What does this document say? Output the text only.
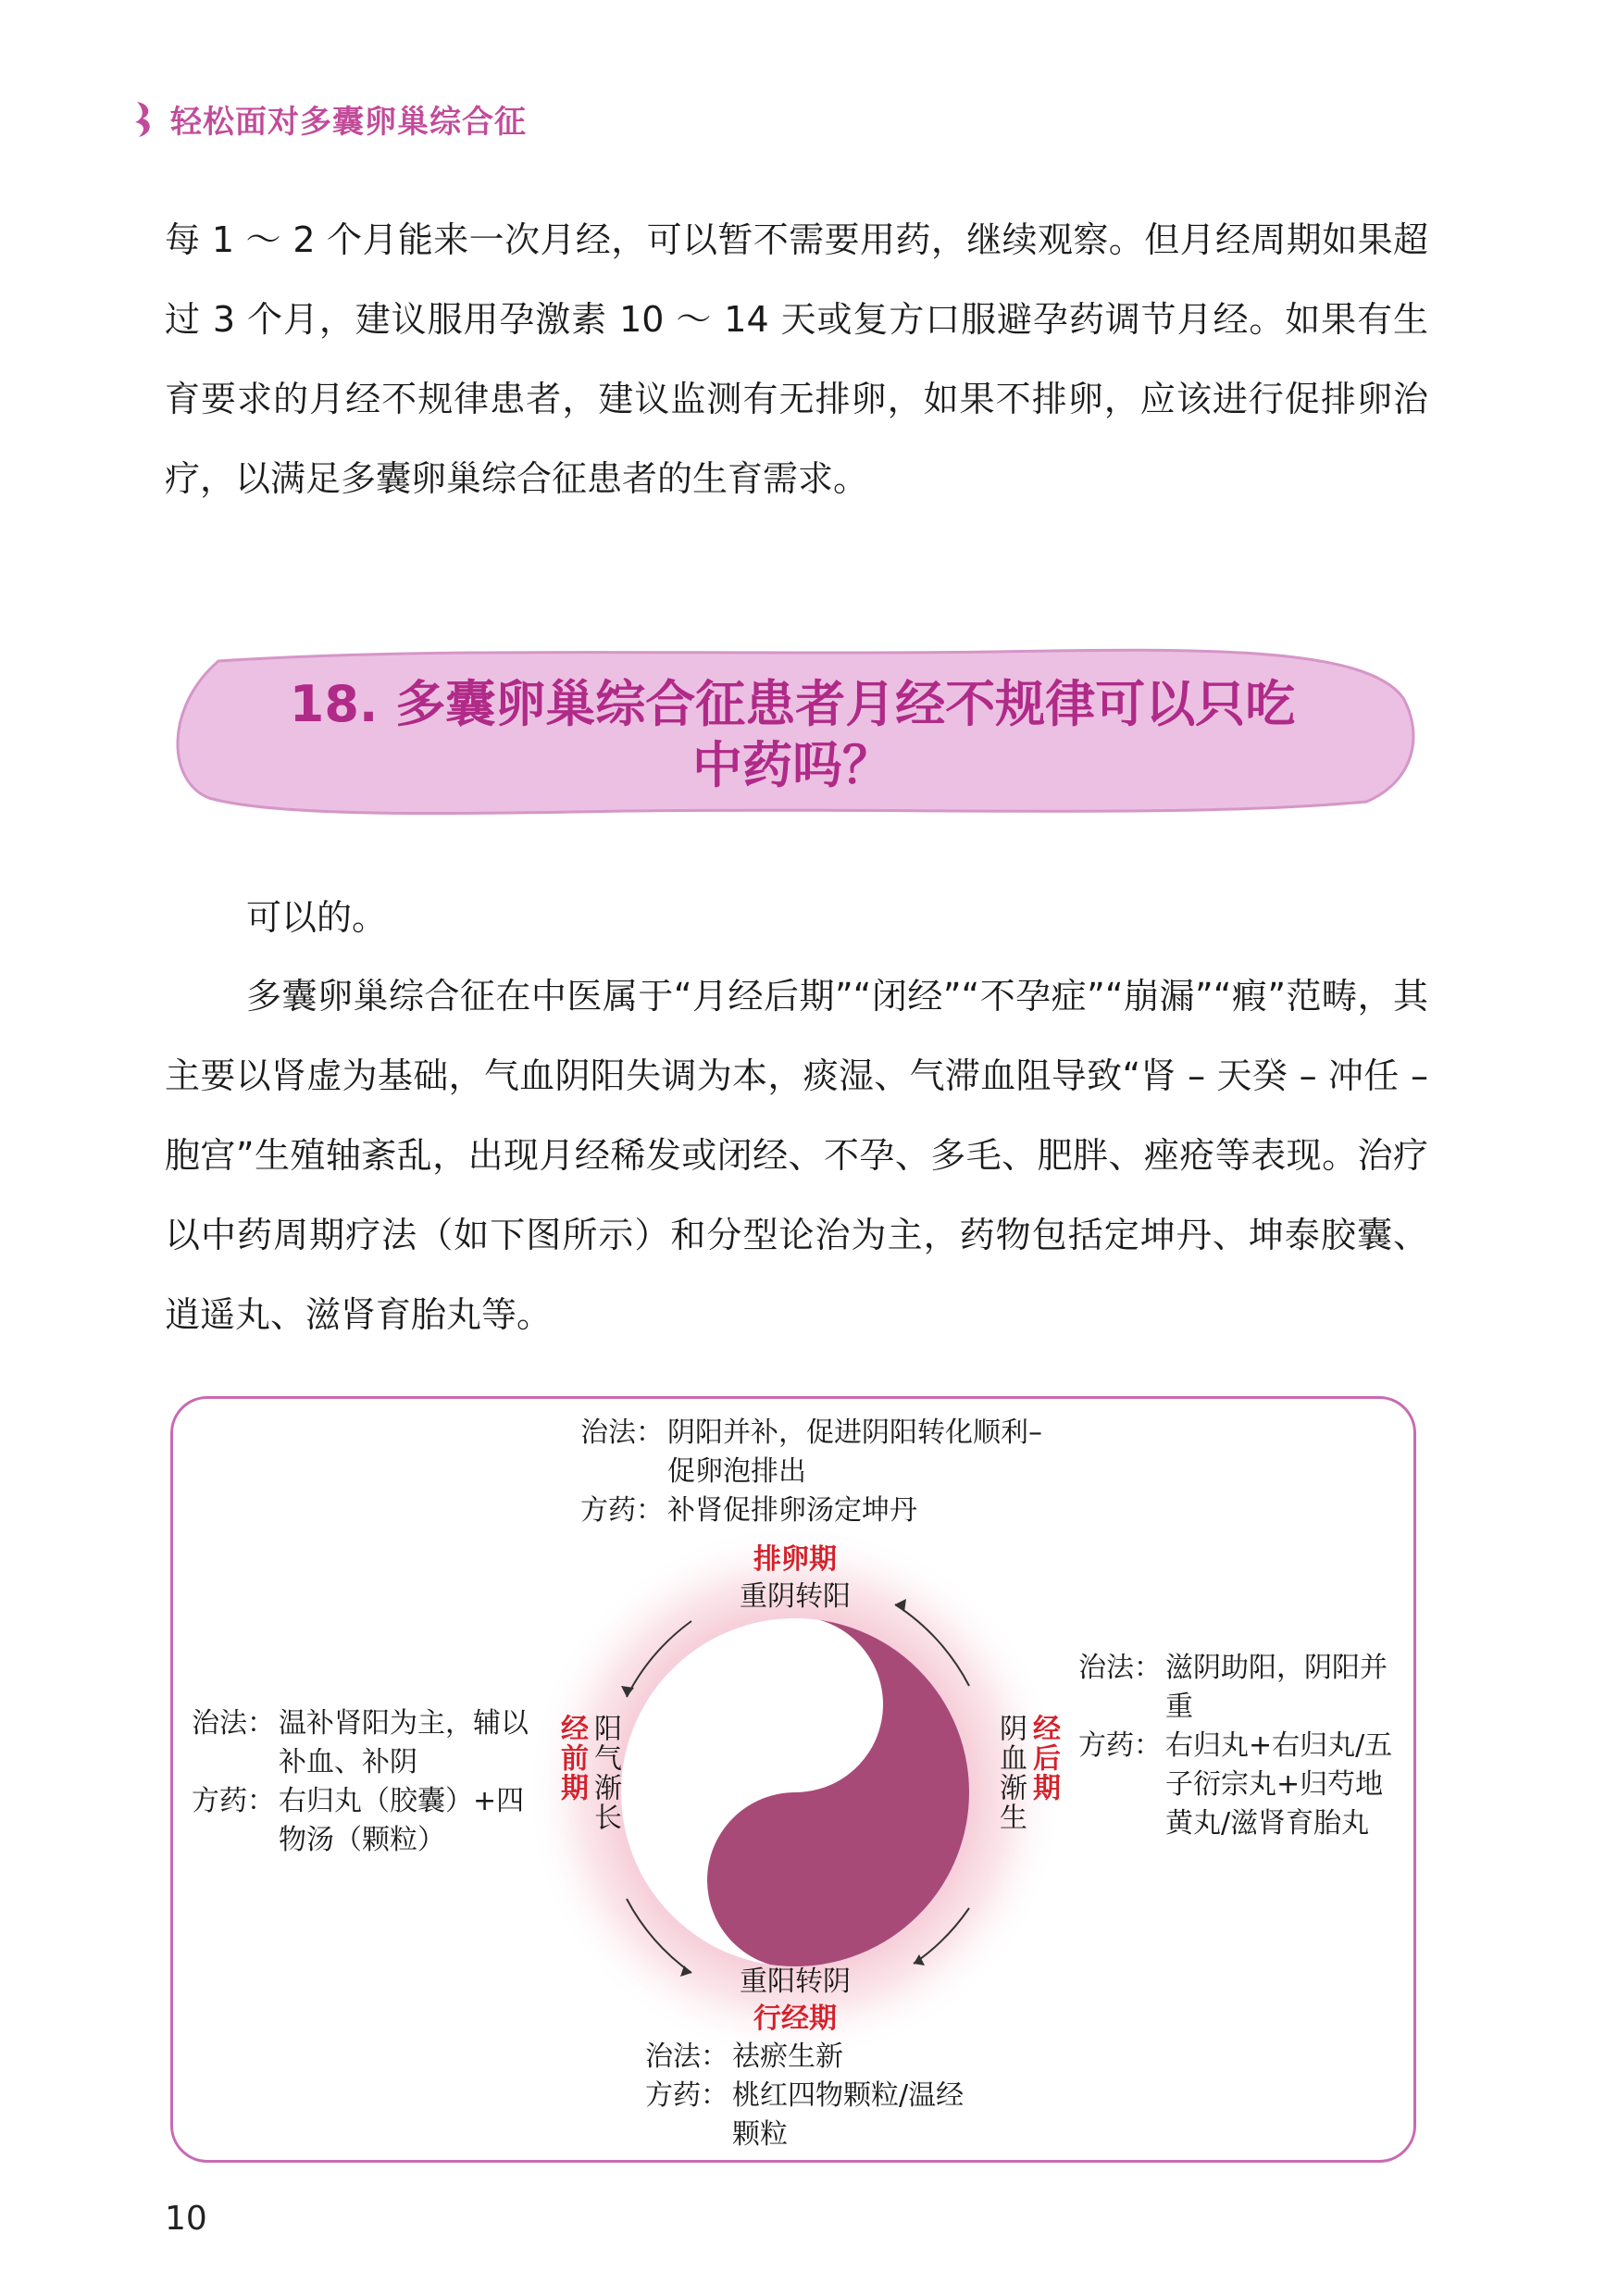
轻松面对多囊卵巢综合征

每 1 ～ 2 个月能来一次月经，可以暂不需要用药，继续观察。但月经周期如果超过 3 个月，建议服用孕激素 10 ～ 14 天或复方口服避孕药调节月经。如果有生育要求的月经不规律患者，建议监测有无排卵，如果不排卵，应该进行促排卵治疗，以满足多囊卵巢综合征患者的生育需求。

18. 多囊卵巢综合征患者月经不规律可以只吃
中药吗？

可以的。

多囊卵巢综合征在中医属于“月经后期”“闭经”“不孕症”“崩漏”“瘕”范畴，其主要以肾虚为基础，气血阴阳失调为本，痰湿、气滞血阻导致“肾 – 天癸 – 冲任 – 胞宫”生殖轴紊乱，出现月经稀发或闭经、不孕、多毛、肥胖、痤疮等表现。治疗以中药周期疗法（如下图所示）和分型论治为主，药物包括定坤丹、坤泰胶囊、逍遥丸、滋肾育胎丸等。

治法： 阴阳并补，促进阴阳转化顺利–促卵泡排出
方药： 补肾促排卵汤定坤丹
治法： 滋阴助阳，阴阳并重
方药： 右归丸+右归丸/五子衍宗丸+归芍地黄丸/滋肾育胎丸
治法： 温补肾阳为主，辅以补血、补阴
方药： 右归丸（胶囊）+四物汤（颗粒）
治法： 祛瘀生新
方药： 桃红四物颗粒/温经颗粒
排卵期
重阴转阳
重阳转阴
行经期
阴血渐生 经后期
经前期 阳气渐长
10
